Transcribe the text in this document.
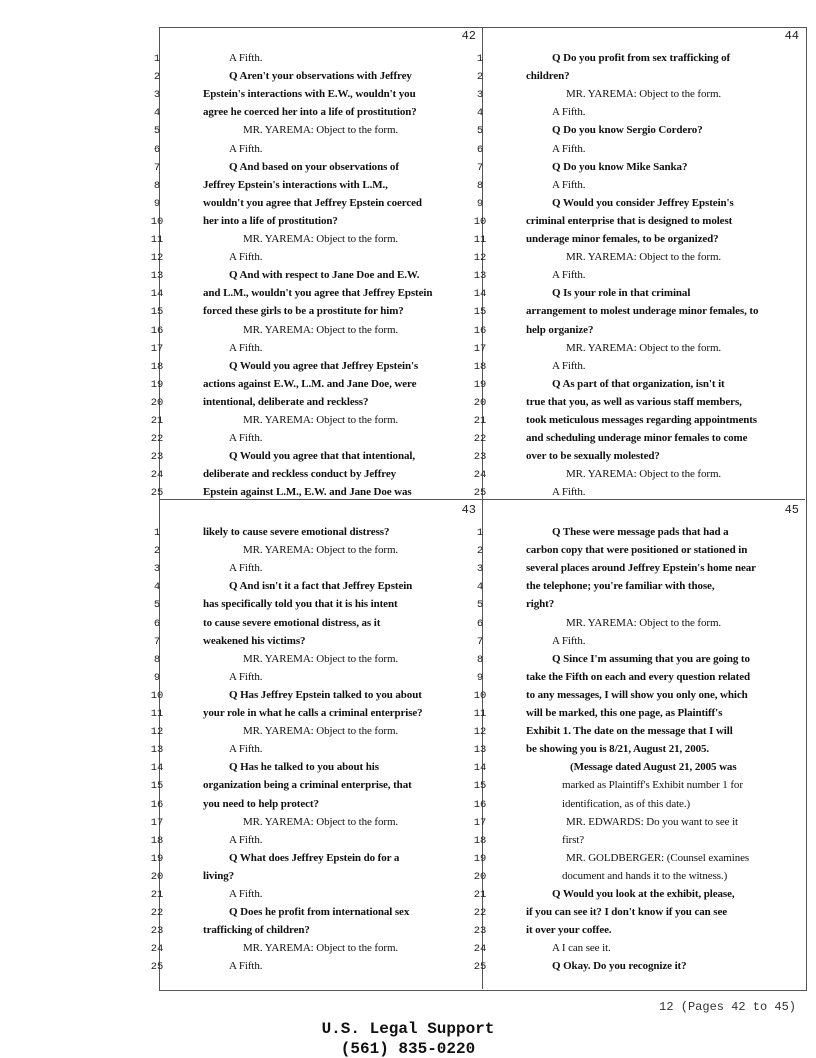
42
1	A Fifth.
2	Q Aren't your observations with Jeffrey
3	Epstein's interactions with E.W., wouldn't you
4	agree he coerced her into a life of prostitution?
5	MR. YAREMA: Object to the form.
6	A Fifth.
7	Q And based on your observations of
8	Jeffrey Epstein's interactions with L.M.,
9	wouldn't you agree that Jeffrey Epstein coerced
10	her into a life of prostitution?
11	MR. YAREMA: Object to the form.
12	A Fifth.
13	Q And with respect to Jane Doe and E.W.
14	and L.M., wouldn't you agree that Jeffrey Epstein
15	forced these girls to be a prostitute for him?
16	MR. YAREMA: Object to the form.
17	A Fifth.
18	Q Would you agree that Jeffrey Epstein's
19	actions against E.W., L.M. and Jane Doe, were
20	intentional, deliberate and reckless?
21	MR. YAREMA: Object to the form.
22	A Fifth.
23	Q Would you agree that that intentional,
24	deliberate and reckless conduct by Jeffrey
25	Epstein against L.M., E.W. and Jane Doe was
44
1	Q Do you profit from sex trafficking of
2	children?
3	MR. YAREMA: Object to the form.
4	A Fifth.
5	Q Do you know Sergio Cordero?
6	A Fifth.
7	Q Do you know Mike Sanka?
8	A Fifth.
9	Q Would you consider Jeffrey Epstein's
10	criminal enterprise that is designed to molest
11	underage minor females, to be organized?
12	MR. YAREMA: Object to the form.
13	A Fifth.
14	Q Is your role in that criminal
15	arrangement to molest underage minor females, to
16	help organize?
17	MR. YAREMA: Object to the form.
18	A Fifth.
19	Q As part of that organization, isn't it
20	true that you, as well as various staff members,
21	took meticulous messages regarding appointments
22	and scheduling underage minor females to come
23	over to be sexually molested?
24	MR. YAREMA: Object to the form.
25	A Fifth.
43
1	likely to cause severe emotional distress?
2	MR. YAREMA: Object to the form.
3	A Fifth.
4	Q And isn't it a fact that Jeffrey Epstein
5	has specifically told you that it is his intent
6	to cause severe emotional distress, as it
7	weakened his victims?
8	MR. YAREMA: Object to the form.
9	A Fifth.
10	Q Has Jeffrey Epstein talked to you about
11	your role in what he calls a criminal enterprise?
12	MR. YAREMA: Object to the form.
13	A Fifth.
14	Q Has he talked to you about his
15	organization being a criminal enterprise, that
16	you need to help protect?
17	MR. YAREMA: Object to the form.
18	A Fifth.
19	Q What does Jeffrey Epstein do for a
20	living?
21	A Fifth.
22	Q Does he profit from international sex
23	trafficking of children?
24	MR. YAREMA: Object to the form.
25	A Fifth.
45
1	Q These were message pads that had a
2	carbon copy that were positioned or stationed in
3	several places around Jeffrey Epstein's home near
4	the telephone; you're familiar with those,
5	right?
6	MR. YAREMA: Object to the form.
7	A Fifth.
8	Q Since I'm assuming that you are going to
9	take the Fifth on each and every question related
10	to any messages, I will show you only one, which
11	will be marked, this one page, as Plaintiff's
12	Exhibit 1. The date on the message that I will
13	be showing you is 8/21, August 21, 2005.
14	(Message dated August 21, 2005 was
15	marked as Plaintiff's Exhibit number 1 for
16	identification, as of this date.)
17	MR. EDWARDS: Do you want to see it
18	first?
19	MR. GOLDBERGER: (Counsel examines
20	document and hands it to the witness.)
21	Q Would you look at the exhibit, please,
22	if you can see it? I don't know if you can see
23	it over your coffee.
24	A I can see it.
25	Q Okay. Do you recognize it?
12 (Pages 42 to 45)
U.S. Legal Support
(561) 835-0220
